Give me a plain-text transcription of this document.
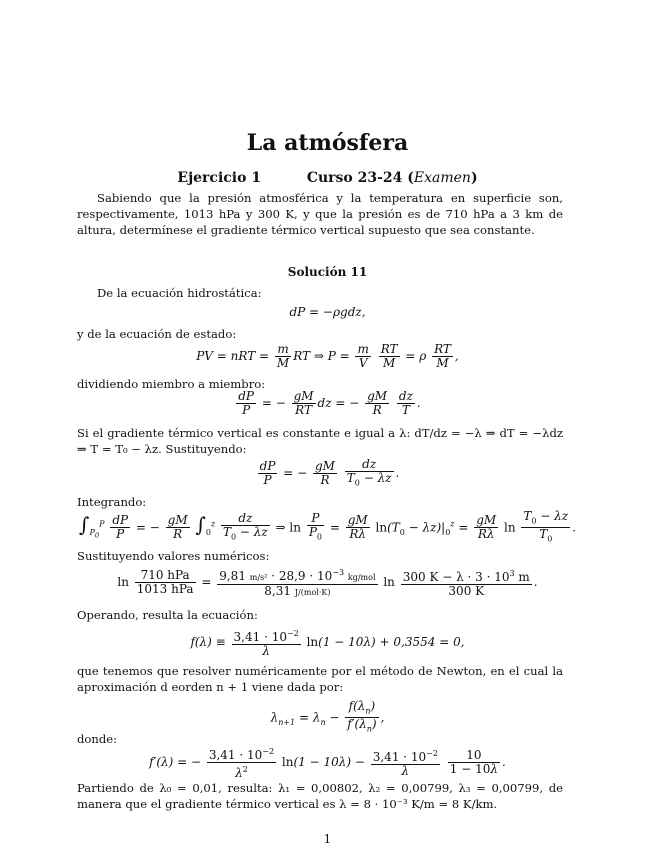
La atmósfera
Ejercicio 1	Curso 23-24 (Examen)
Sabiendo que la presión atmosférica y la temperatura en superficie son, respectivamente, 1013 hPa y 300 K, y que la presión es de 710 hPa a 3 km de altura, determínese el gradiente térmico vertical supuesto que sea constante.
Solución 11
De la ecuación hidrostática:
dP = −ρgdz,
y de la ecuación de estado:
PV = nRT = $\frac{m}{M}$ RT ⇒ $P = \frac{m}{V}$
$\frac{RT}{M} = \rho \frac{RT}{M}$ ,
dividiendo miembro a miembro:
$\frac{dP}{P}$ = − $\frac{gM}{RT}$ dz = − $\frac{gM}{R}$
$\frac{dz}{T}$ .
Si el gradiente térmico vertical es constante e igual a λ: dT/dz = −λ ⇒ dT = −λdz ⇒ T = T₀ − λz. Sustituyendo:
$\frac{dP}{P}$ = − $\frac{gM}{R}$
$\frac{dz}{T_0 - \lambda z}$ .
Integrando:
$\int_{P_0}^P \frac{dP}{P}$ = − $\frac{gM}{R} \int_0^z \frac{dz}{T_0 - \lambda z}$ ⇒ $\ln \frac{P}{P_0} = \frac{gM}{R\lambda} \ln(T_0 - \lambda z)|_0^z = \frac{gM}{R\lambda}$ $\ln \frac{T_0 - \lambda z}{T_0}$ .
Sustituyendo valores numéricos:
$\ln \frac{\text{710 hPa}}{\text{1013 hPa}} = \frac{9,81 m/s^2 \cdot 28,9 \cdot 10^{-3} kg/mol}{\text{8,31 J/(mol·K)}}$ $\ln \frac{300 K - \lambda \cdot 3 \cdot 10^3 m}{300 K}$ .
Operando, resulta la ecuación:
$f(\lambda) \equiv \frac{3,41 \cdot 10^{-2}}{\lambda} \ln(1 - 10\lambda) + 0,3554 = 0$,
que tenemos que resolver numéricamente por el método de Newton, en el cual la aproximación d eorden n + 1 viene dada por:
$\lambda_{n+1} = \lambda_n - \frac{f(\lambda_n)}{f'(\lambda_n)}$ ,
donde:
f′(λ) = − $\frac{3,41 \cdot 10^{-2}}{\lambda^2} \ln(1 - 10\lambda) - \frac{3,41 \cdot 10^{-2}}{\lambda}$
$\frac{10}{1 - 10\lambda}$ .
Partiendo de λ₀ = 0,01, resulta: λ₁ = 0,00802, λ₂ = 0,00799, λ₃ = 0,00799, de manera que el gradiente térmico vertical es λ = 8 · 10⁻³ K/m = 8 K/km.
1
